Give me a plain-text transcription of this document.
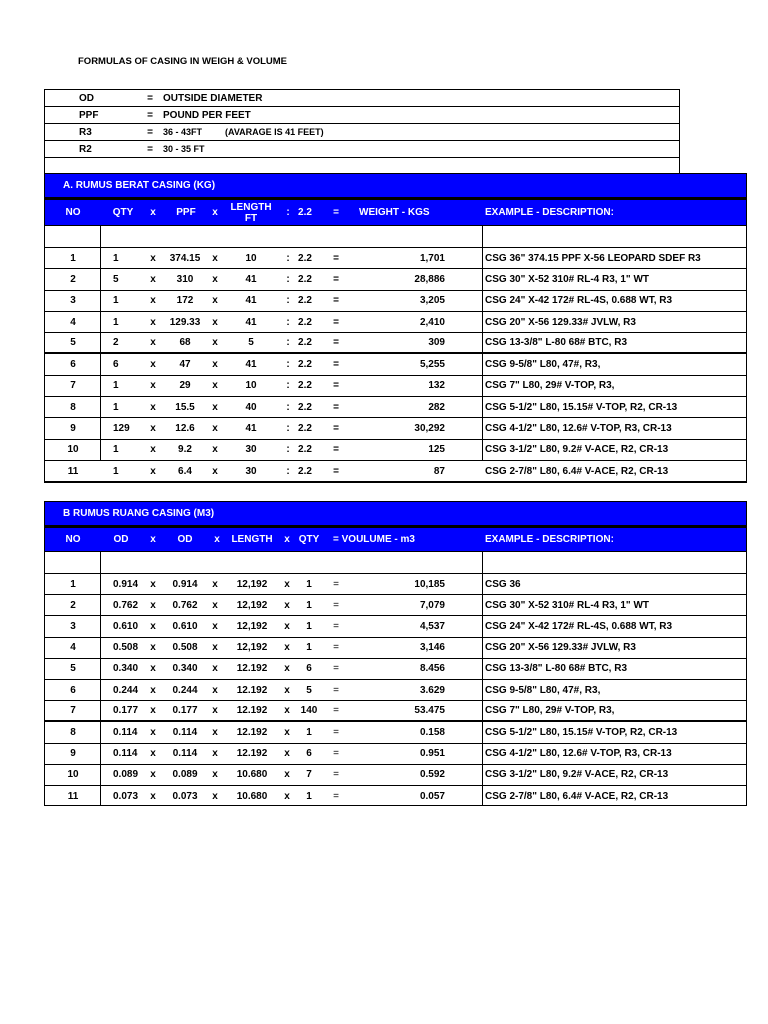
FORMULAS OF CASING IN WEIGH & VOLUME
OD	=	OUTSIDE DIAMETER
PPF	=	POUND PER FEET
R3	=	36 - 43FT	(AVARAGE IS 41 FEET)
R2	=	30 - 35 FT
A. RUMUS BERAT CASING (KG)
NO	QTY	x	PPF	x	LENGTH
FT	: 2.2	=	WEIGHT - KGS	EXAMPLE - DESCRIPTION:
1	1	x	374.15	x	10	: 2.2	=	1,701	CSG 36" 374.15 PPF X-56 LEOPARD SDEF R3
2	5	x	310	x	41	: 2.2	=	28,886	CSG 30" X-52 310# RL-4 R3, 1" WT
3	1	x	172	x	41	: 2.2	=	3,205	CSG 24" X-42 172# RL-4S, 0.688 WT, R3
4	1	x	129.33	x	41	: 2.2	=	2,410	CSG 20" X-56 129.33# JVLW, R3
5	2	x	68	x	5	: 2.2	=	309	CSG 13-3/8" L-80 68# BTC, R3
6	6	x	47	x	41	: 2.2	=	5,255	CSG 9-5/8" L80, 47#, R3,
7	1	x	29	x	10	: 2.2	=	132	CSG 7" L80, 29# V-TOP, R3,
8	1	x	15.5	x	40	: 2.2	=	282	CSG 5-1/2" L80, 15.15# V-TOP, R2, CR-13
9	129	x	12.6	x	41	: 2.2	=	30,292	CSG 4-1/2" L80, 12.6# V-TOP, R3, CR-13
10	1	x	9.2	x	30	: 2.2	=	125	CSG 3-1/2" L80, 9.2# V-ACE, R2, CR-13
11	1	x	6.4	x	30	: 2.2	=	87	CSG 2-7/8" L80, 6.4# V-ACE, R2, CR-13
B RUMUS RUANG CASING (M3)
NO	OD	x	OD	x	LENGTH	x QTY	= VOULUME - m3	EXAMPLE - DESCRIPTION:
1	0.914	x	0.914	x	12,192	x	1	=	10,185	CSG 36
2	0.762	x	0.762	x	12,192	x	1	=	7,079	CSG 30" X-52 310# RL-4 R3, 1" WT
3	0.610	x	0.610	x	12,192	x	1	=	4,537	CSG 24" X-42 172# RL-4S, 0.688 WT, R3
4	0.508	x	0.508	x	12,192	x	1	=	3,146	CSG 20" X-56 129.33# JVLW, R3
5	0.340	x	0.340	x	12.192	x	6	=	8.456	CSG 13-3/8" L-80 68# BTC, R3
6	0.244	x	0.244	x	12.192	x	5	=	3.629	CSG 9-5/8" L80, 47#, R3,
7	0.177	x	0.177	x	12.192	x	140	=	53.475	CSG 7" L80, 29# V-TOP, R3,
8	0.114	x	0.114	x	12.192	x	1	=	0.158	CSG 5-1/2" L80, 15.15# V-TOP, R2, CR-13
9	0.114	x	0.114	x	12.192	x	6	=	0.951	CSG 4-1/2" L80, 12.6# V-TOP, R3, CR-13
10	0.089	x	0.089	x	10.680	x	7	=	0.592	CSG 3-1/2" L80, 9.2# V-ACE, R2, CR-13
11	0.073	x	0.073	x	10.680	x	1	=	0.057	CSG 2-7/8" L80, 6.4# V-ACE, R2, CR-13
